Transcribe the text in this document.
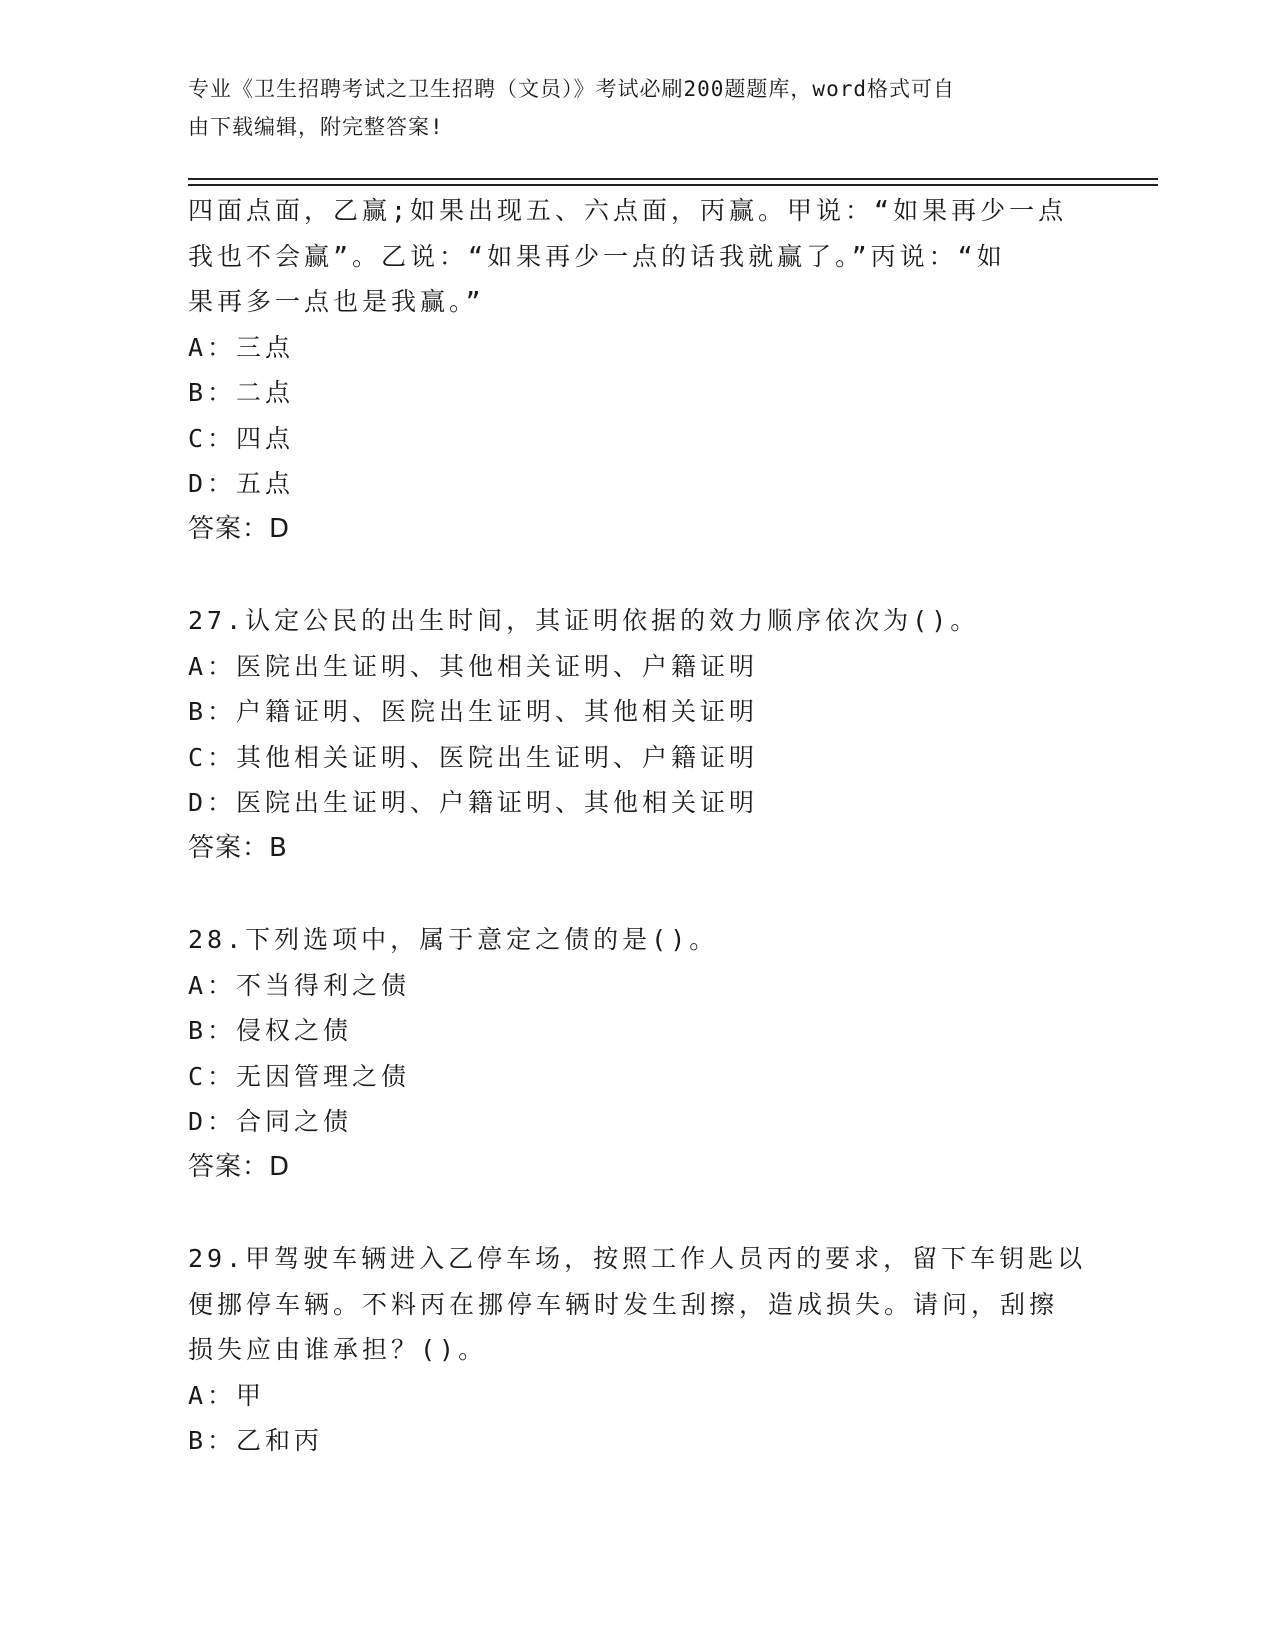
专业《卫生招聘考试之卫生招聘（文员）》考试必刷200题题库，word格式可自
由下载编辑，附完整答案!
四面点面，乙赢;如果出现五、六点面，丙赢。甲说：“如果再少一点
我也不会赢”。乙说：“如果再少一点的话我就赢了。”丙说：“如
果再多一点也是我赢。”
A：三点
B：二点
C：四点
D：五点
答案：D
27.认定公民的出生时间，其证明依据的效力顺序依次为()。
A：医院出生证明、其他相关证明、户籍证明
B：户籍证明、医院出生证明、其他相关证明
C：其他相关证明、医院出生证明、户籍证明
D：医院出生证明、户籍证明、其他相关证明
答案：B
28.下列选项中，属于意定之债的是()。
A：不当得利之债
B：侵权之债
C：无因管理之债
D：合同之债
答案：D
29.甲驾驶车辆进入乙停车场，按照工作人员丙的要求，留下车钥匙以
便挪停车辆。不料丙在挪停车辆时发生刮擦，造成损失。请问，刮擦
损失应由谁承担？()。
A：甲
B：乙和丙
